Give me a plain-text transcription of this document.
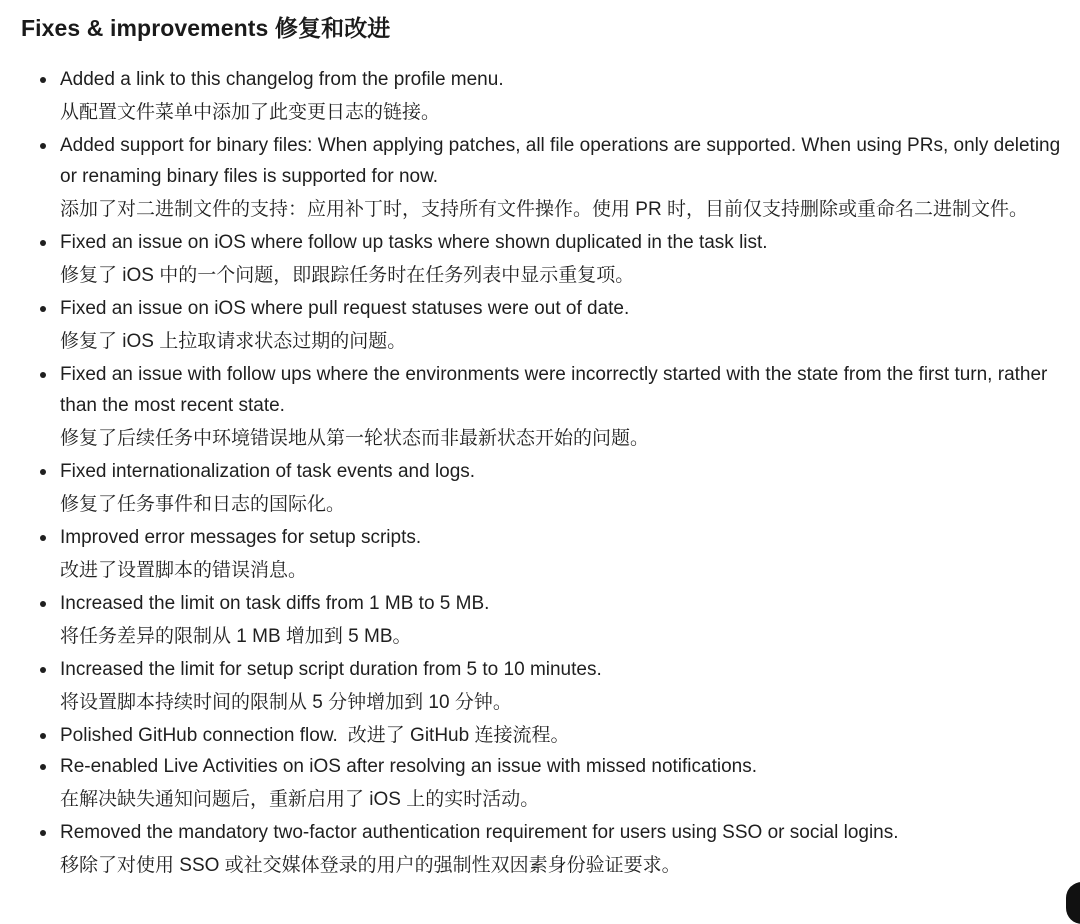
Fixes & improvements 修复和改进
Added a link to this changelog from the profile menu.
从配置文件菜单中添加了此变更日志的链接。
Added support for binary files: When applying patches, all file operations are supported. When using PRs, only deleting or renaming binary files is supported for now.
添加了对二进制文件的支持：应用补丁时，支持所有文件操作。使用 PR 时，目前仅支持删除或重命名二进制文件。
Fixed an issue on iOS where follow up tasks where shown duplicated in the task list.
修复了 iOS 中的一个问题，即跟踪任务时在任务列表中显示重复项。
Fixed an issue on iOS where pull request statuses were out of date.
修复了 iOS 上拉取请求状态过期的问题。
Fixed an issue with follow ups where the environments were incorrectly started with the state from the first turn, rather than the most recent state.
修复了后续任务中环境错误地从第一轮状态而非最新状态开始的问题。
Fixed internationalization of task events and logs.
修复了任务事件和日志的国际化。
Improved error messages for setup scripts.
改进了设置脚本的错误消息。
Increased the limit on task diffs from 1 MB to 5 MB.
将任务差异的限制从 1 MB 增加到 5 MB。
Increased the limit for setup script duration from 5 to 10 minutes.
将设置脚本持续时间的限制从 5 分钟增加到 10 分钟。
Polished GitHub connection flow. 改进了 GitHub 连接流程。
Re-enabled Live Activities on iOS after resolving an issue with missed notifications.
在解决缺失通知问题后，重新启用了 iOS 上的实时活动。
Removed the mandatory two-factor authentication requirement for users using SSO or social logins.
移除了对使用 SSO 或社交媒体登录的用户的强制性双因素身份验证要求。
